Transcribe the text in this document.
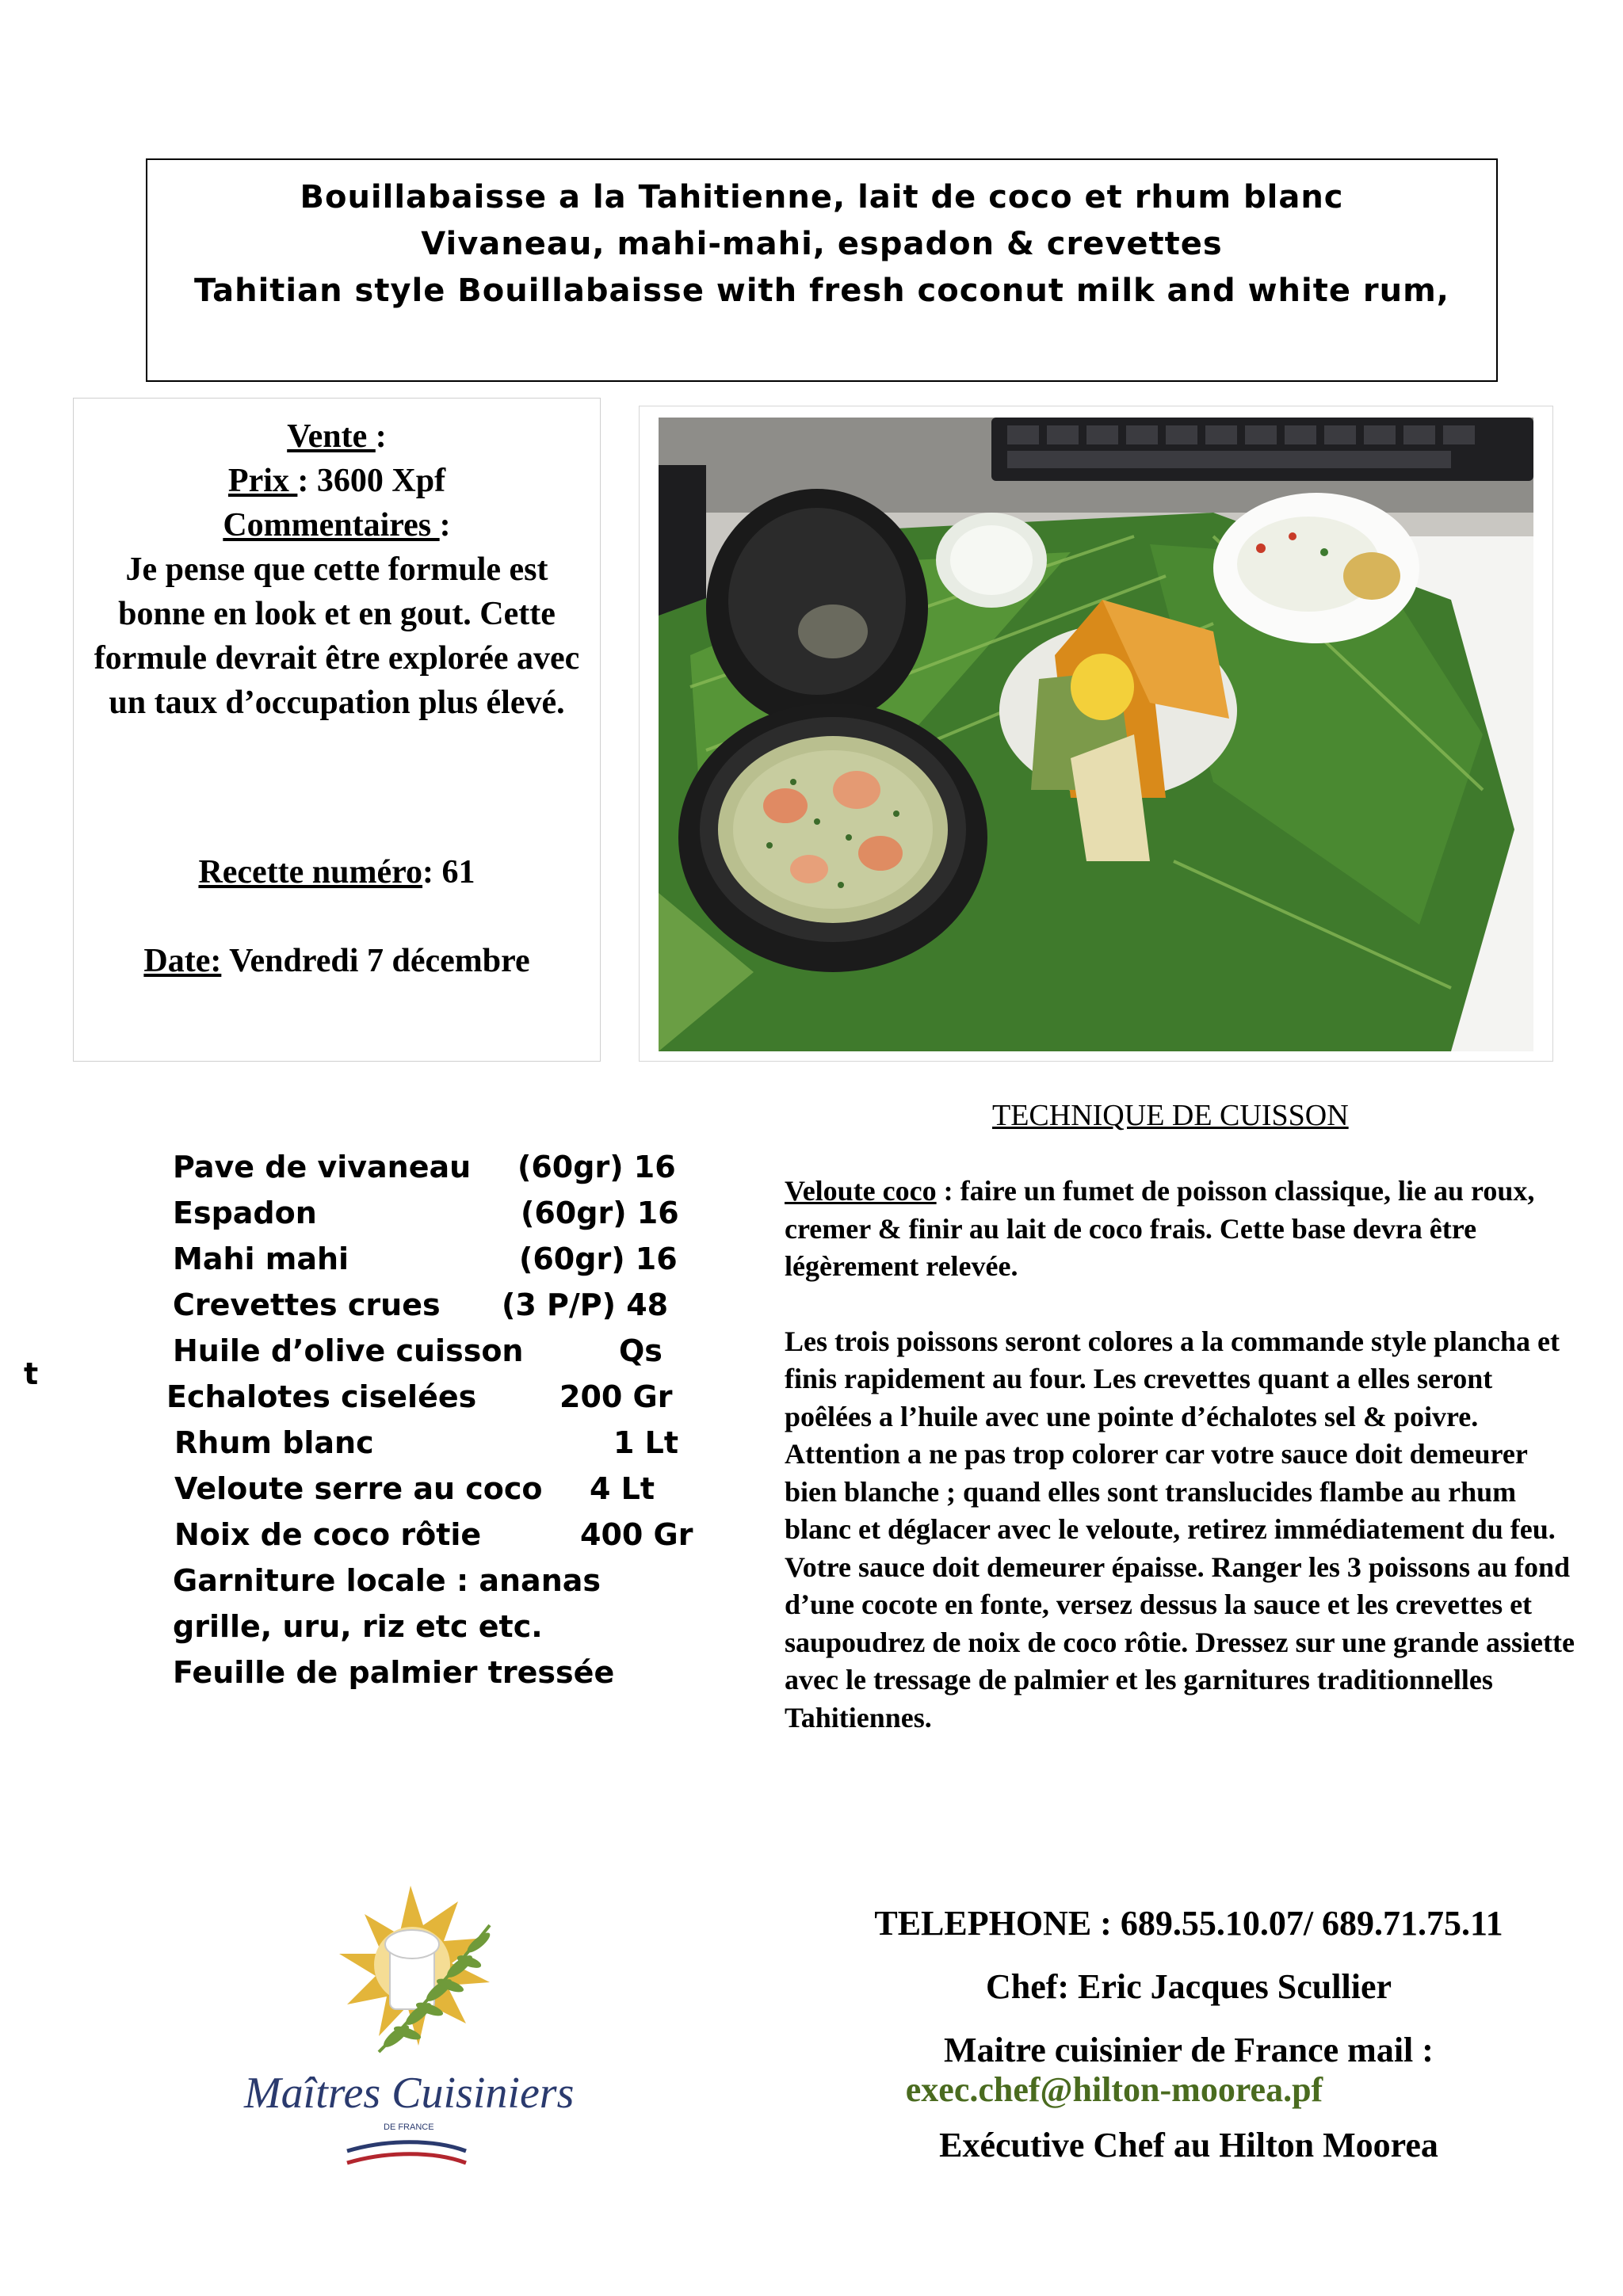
Bouillabaisse a la Tahitienne, lait de coco et rhum blanc
Vivaneau, mahi-mahi, espadon & crevettes
Tahitian style Bouillabaisse with fresh coconut milk and white rum,
Vente :
Prix : 3600 Xpf
Commentaires :
Je pense que cette formule est bonne en look et en gout. Cette formule devrait être explorée avec un taux d’occupation plus élevé.
Recette numéro: 61
Date: Vendredi 7 décembre
TECHNIQUE DE CUISSON
t
Pave de vivaneau (60gr) 16
Espadon	(60gr) 16
Mahi mahi	(60gr) 16
Crevettes crues (3 P/P) 48
Huile d’olive cuisson	Qs
Echalotes ciselées	200 Gr
Rhum blanc	1 Lt
Veloute serre au coco 4 Lt
Noix de coco rôtie	400 Gr
Garniture locale : ananas
grille, uru, riz etc etc.
Feuille de palmier tressée

Veloute coco : faire un fumet de poisson classique, lie au roux, cremer & finir au lait de coco frais. Cette base devra être légèrement relevée.

Les trois poissons seront colores a la commande style plancha et finis rapidement au four. Les crevettes quant a elles seront poêlées a l’huile avec une pointe d’échalotes sel & poivre. Attention a ne pas trop colorer car votre sauce doit demeurer bien blanche ; quand elles sont translucides flambe au rhum blanc et déglacer avec le veloute, retirez immédiatement du feu. Votre sauce doit demeurer épaisse. Ranger les 3 poissons au fond d’une cocote en fonte, versez dessus la sauce et les crevettes et saupoudrez de noix de coco rôtie. Dressez sur une grande assiette avec le tressage de palmier et les garnitures traditionnelles Tahitiennes.

Maîtres Cuisiniers
DE FRANCE
TELEPHONE : 689.55.10.07/ 689.71.75.11
Chef: Eric Jacques Scullier
Maitre cuisinier de France mail :
exec.chef@hilton-moorea.pf
Exécutive Chef au Hilton Moorea
